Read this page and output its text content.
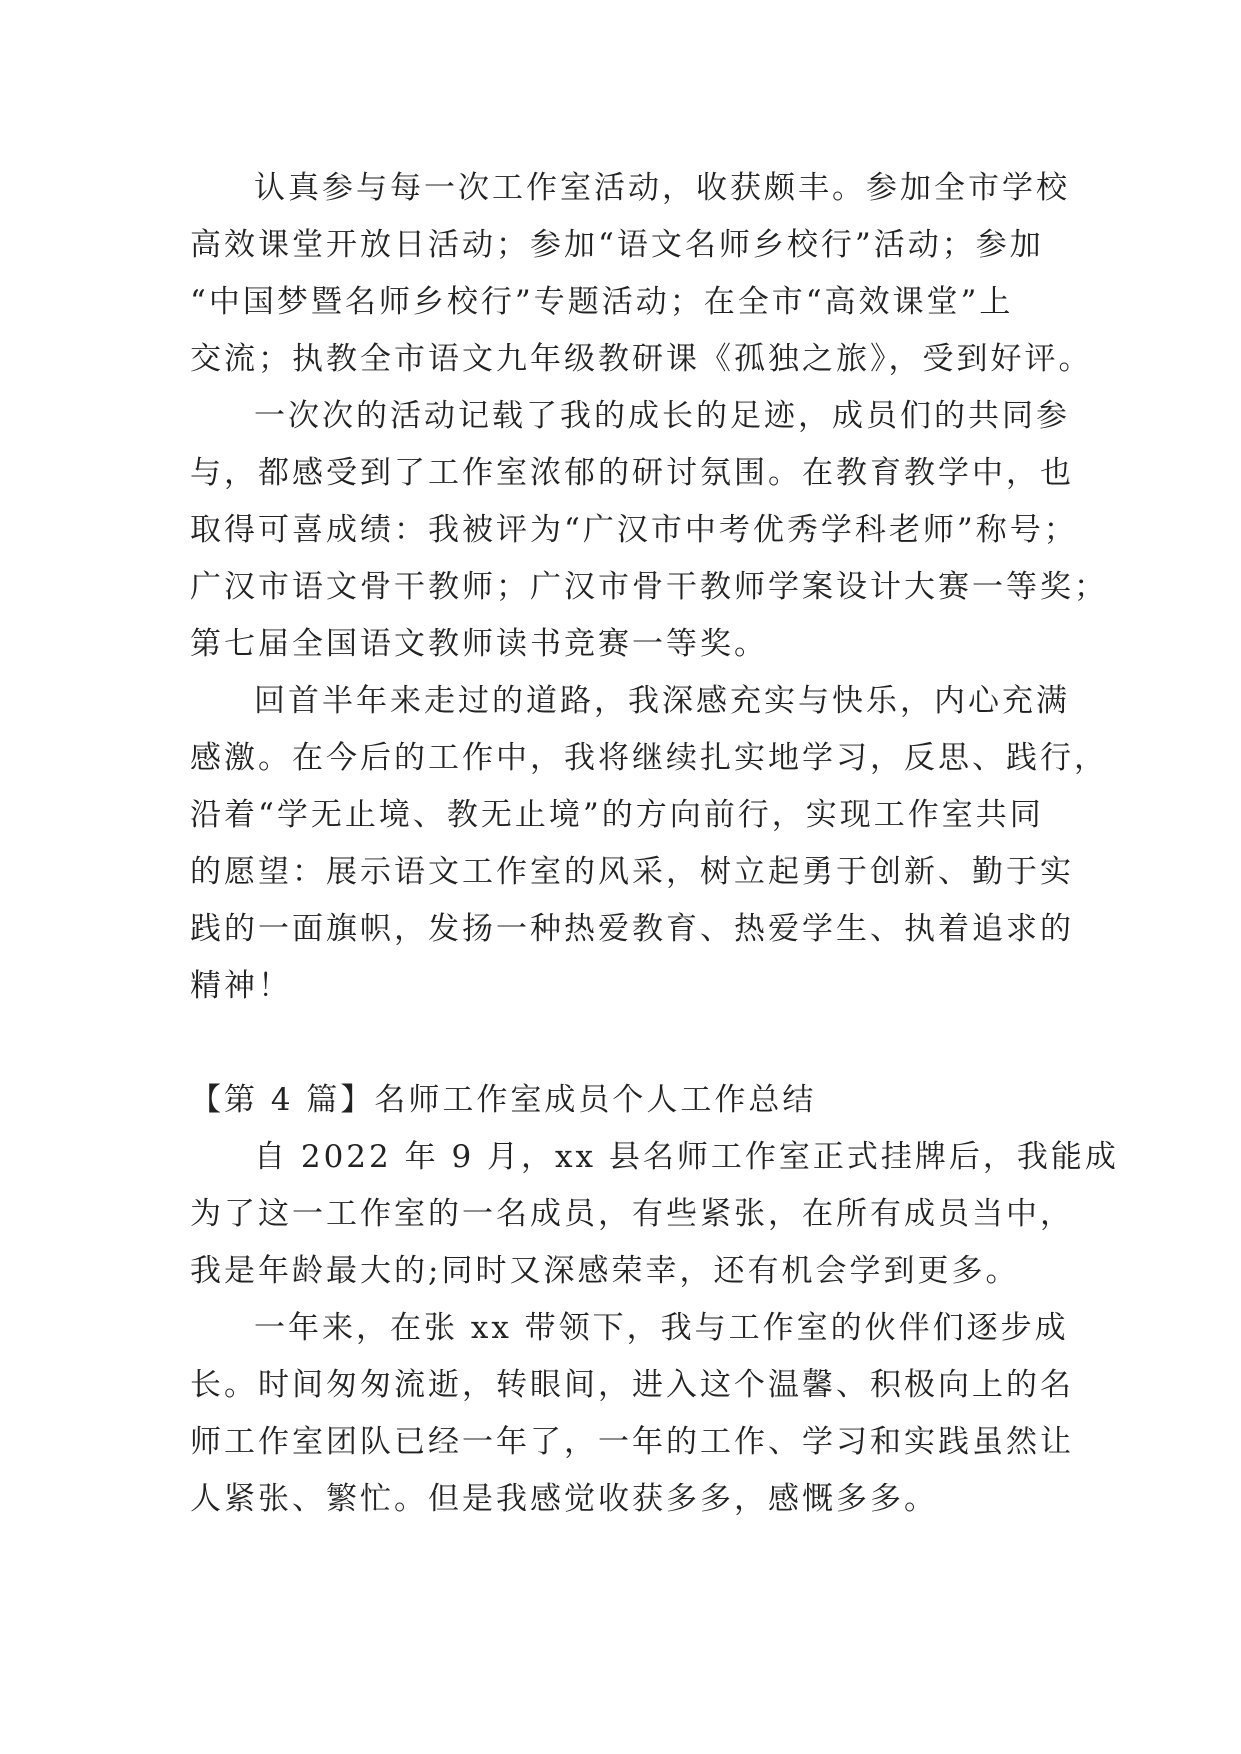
认真参与每一次工作室活动，收获颇丰。参加全市学校
高效课堂开放日活动；参加“语文名师乡校行”活动；参加
“中国梦暨名师乡校行”专题活动；在全市“高效课堂”上
交流；执教全市语文九年级教研课《孤独之旅》，受到好评。
一次次的活动记载了我的成长的足迹，成员们的共同参
与，都感受到了工作室浓郁的研讨氛围。在教育教学中，也
取得可喜成绩：我被评为“广汉市中考优秀学科老师”称号；
广汉市语文骨干教师；广汉市骨干教师学案设计大赛一等奖；
第七届全国语文教师读书竞赛一等奖。
回首半年来走过的道路，我深感充实与快乐，内心充满
感激。在今后的工作中，我将继续扎实地学习，反思、践行，
沿着“学无止境、教无止境”的方向前行，实现工作室共同
的愿望：展示语文工作室的风采，树立起勇于创新、勤于实
践的一面旗帜，发扬一种热爱教育、热爱学生、执着追求的
精神！
【第 4 篇】名师工作室成员个人工作总结
自 2022 年 9 月，xx 县名师工作室正式挂牌后，我能成
为了这一工作室的一名成员，有些紧张，在所有成员当中，
我是年龄最大的;同时又深感荣幸，还有机会学到更多。
一年来，在张 xx 带领下，我与工作室的伙伴们逐步成
长。时间匆匆流逝，转眼间，进入这个温馨、积极向上的名
师工作室团队已经一年了，一年的工作、学习和实践虽然让
人紧张、繁忙。但是我感觉收获多多，感慨多多。
